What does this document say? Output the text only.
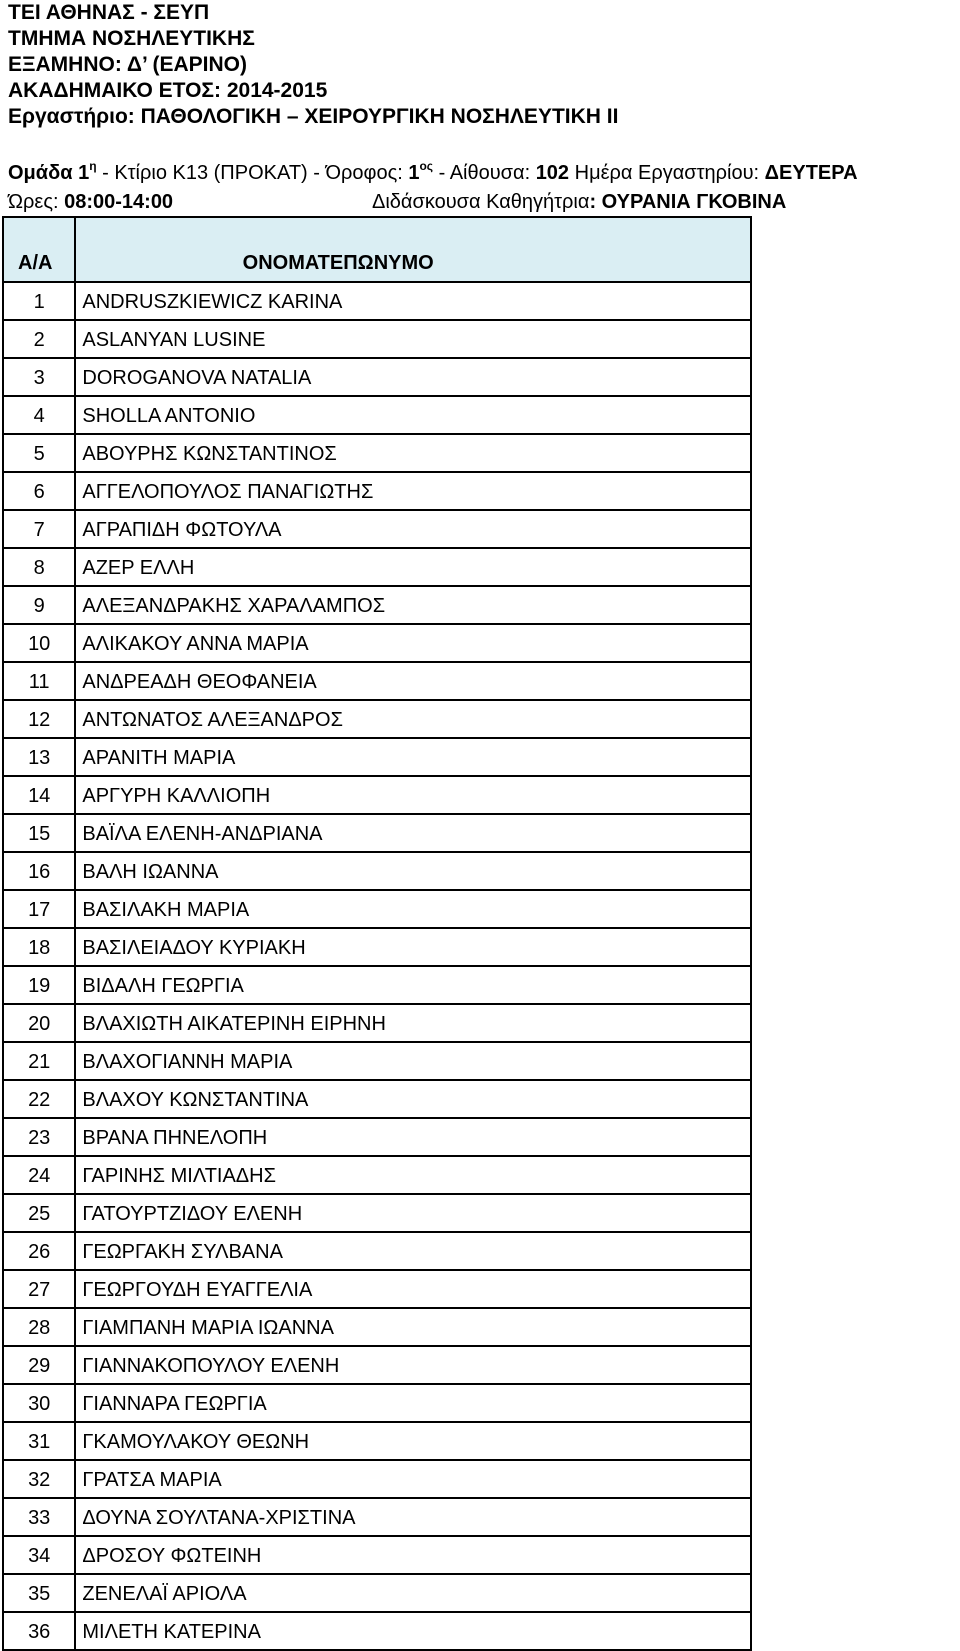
ΤΕΙ ΑΘΗΝΑΣ - ΣΕΥΠ
ΤΜΗΜΑ ΝΟΣΗΛΕΥΤΙΚΗΣ
ΕΞΑΜΗΝΟ: Δ’ (ΕΑΡΙΝΟ)
ΑΚΑΔΗΜΑΙΚΟ ΕΤΟΣ: 2014-2015
Εργαστήριο: ΠΑΘΟΛΟΓΙΚΗ – ΧΕΙΡΟΥΡΓΙΚΗ ΝΟΣΗΛΕΥΤΙΚΗ ΙΙ
Ομάδα $1^\eta$ - Κτίριο Κ13 (ΠΡΟΚΑΤ) - Όροφος: $1^{o\varsigma}$ - Αίθουσα: 102 Ημέρα Εργαστηρίου: ΔΕΥΤΕΡΑ
Ώρες: 08:00-14:00	Διδάσκουσα Καθηγήτρια: ΟΥΡΑΝΙΑ ΓΚΟΒΙΝΑ
Α/Α	ΟΝΟΜΑΤΕΠΩΝΥΜΟ
1	ANDRUSZKIEWICZ KARINA
2	ASLANYAN LUSINE
3	DOROGANOVA NATALIA
4	SHOLLA ANTONIO
5	ΑΒΟΥΡΗΣ ΚΩΝΣΤΑΝΤΙΝΟΣ
6	ΑΓΓΕΛΟΠΟΥΛΟΣ ΠΑΝΑΓΙΩΤΗΣ
7	ΑΓΡΑΠΙΔΗ ΦΩΤΟΥΛΑ
8	ΑΖΕΡ ΕΛΛΗ
9	ΑΛΕΞΑΝΔΡΑΚΗΣ ΧΑΡΑΛΑΜΠΟΣ
10	ΑΛΙΚΑΚΟΥ ΑΝΝΑ ΜΑΡΙΑ
11	ΑΝΔΡΕΑΔΗ ΘΕΟΦΑΝΕΙΑ
12	ΑΝΤΩΝΑΤΟΣ ΑΛΕΞΑΝΔΡΟΣ
13	ΑΡΑΝΙΤΗ ΜΑΡΙΑ
14	ΑΡΓΥΡΗ ΚΑΛΛΙΟΠΗ
15	ΒΑΪΛΑ ΕΛΕΝΗ-ΑΝΔΡΙΑΝΑ
16	ΒΑΛΗ ΙΩΑΝΝΑ
17	ΒΑΣΙΛΑΚΗ ΜΑΡΙΑ
18	ΒΑΣΙΛΕΙΑΔΟΥ ΚΥΡΙΑΚΗ
19	ΒΙΔΑΛΗ ΓΕΩΡΓΙΑ
20	ΒΛΑΧΙΩΤΗ ΑΙΚΑΤΕΡΙΝΗ ΕΙΡΗΝΗ
21	ΒΛΑΧΟΓΙΑΝΝΗ ΜΑΡΙΑ
22	ΒΛΑΧΟΥ ΚΩΝΣΤΑΝΤΙΝΑ
23	ΒΡΑΝΑ ΠΗΝΕΛΟΠΗ
24	ΓΑΡΙΝΗΣ ΜΙΛΤΙΑΔΗΣ
25	ΓΑΤΟΥΡΤΖΙΔΟΥ ΕΛΕΝΗ
26	ΓΕΩΡΓΑΚΗ ΣΥΛΒΑΝΑ
27	ΓΕΩΡΓΟΥΔΗ ΕΥΑΓΓΕΛΙΑ
28	ΓΙΑΜΠΑΝΗ ΜΑΡΙΑ ΙΩΑΝΝΑ
29	ΓΙΑΝΝΑΚΟΠΟΥΛΟΥ ΕΛΕΝΗ
30	ΓΙΑΝΝΑΡΑ ΓΕΩΡΓΙΑ
31	ΓΚΑΜΟΥΛΑΚΟΥ ΘΕΩΝΗ
32	ΓΡΑΤΣΑ ΜΑΡΙΑ
33	ΔΟΥΝΑ ΣΟΥΛΤΑΝΑ-ΧΡΙΣΤΙΝΑ
34	ΔΡΟΣΟΥ ΦΩΤΕΙΝΗ
35	ΖΕΝΕΛΑΪ ΑΡΙΟΛΑ
36	ΜΙΛΕΤΗ ΚΑΤΕΡΙΝΑ
